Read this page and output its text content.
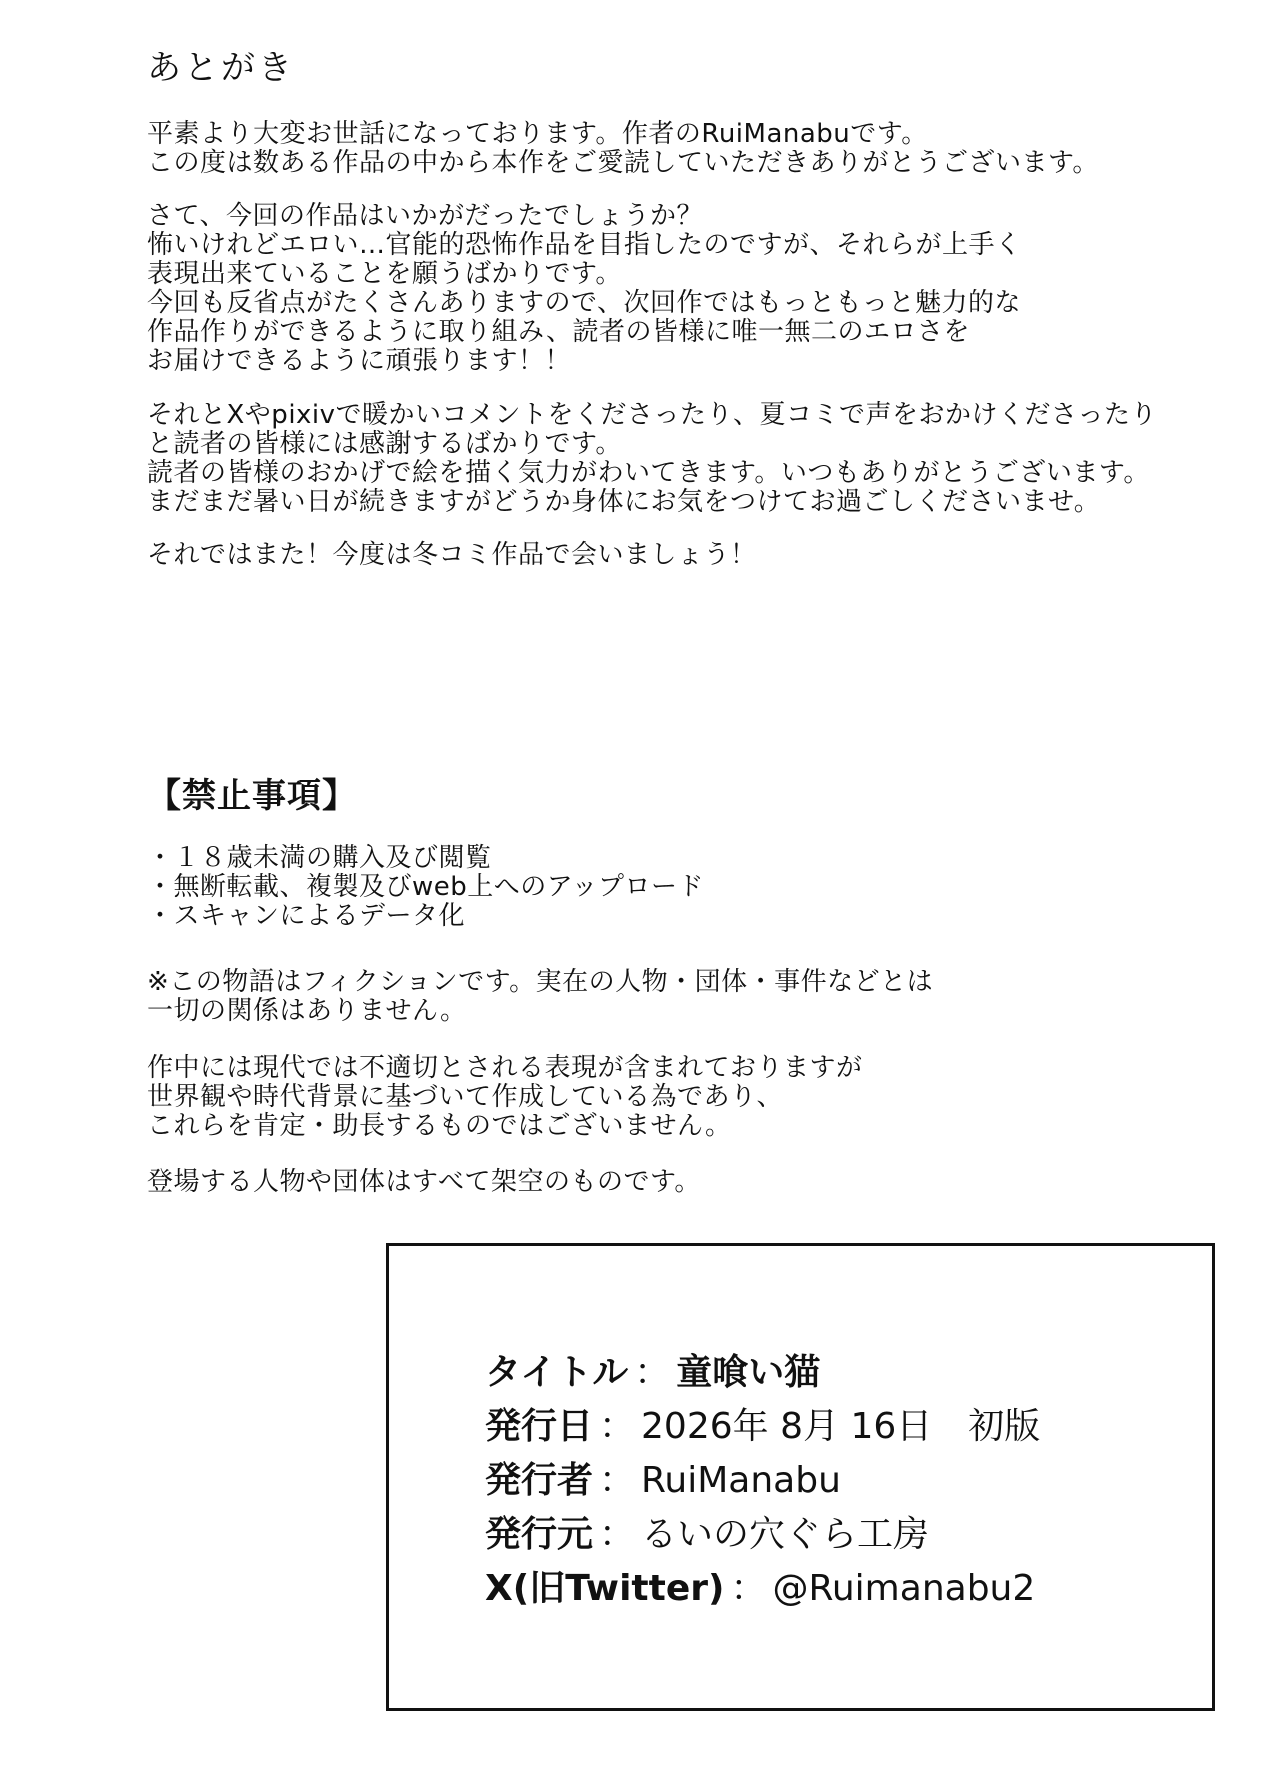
あとがき
平素より大変お世話になっております。作者のRuiManabuです。
この度は数ある作品の中から本作をご愛読していただきありがとうございます。
さて、今回の作品はいかがだったでしょうか？
怖いけれどエロい…官能的恐怖作品を目指したのですが、それらが上手く
表現出来ていることを願うばかりです。
今回も反省点がたくさんありますので、次回作ではもっともっと魅力的な
作品作りができるように取り組み、読者の皆様に唯一無二のエロさを
お届けできるように頑張ります！！
それとXやpixivで暖かいコメントをくださったり、夏コミで声をおかけくださったり
と読者の皆様には感謝するばかりです。
読者の皆様のおかげで絵を描く気力がわいてきます。いつもありがとうございます。
まだまだ暑い日が続きますがどうか身体にお気をつけてお過ごしくださいませ。
それではまた！今度は冬コミ作品で会いましょう！
【禁止事項】
・１８歳未満の購入及び閲覧
・無断転載、複製及びweb上へのアップロード
・スキャンによるデータ化
※この物語はフィクションです。実在の人物・団体・事件などとは
一切の関係はありません。
作中には現代では不適切とされる表現が含まれておりますが
世界観や時代背景に基づいて作成している為であり、
これらを肯定・助長するものではございません。
登場する人物や団体はすべて架空のものです。
タイトル ： 童喰い猫
発行日 ： 2026年 8月 16日　初版
発行者 ： RuiManabu
発行元 ： るいの穴ぐら工房
X(旧Twitter) ： @Ruimanabu2
